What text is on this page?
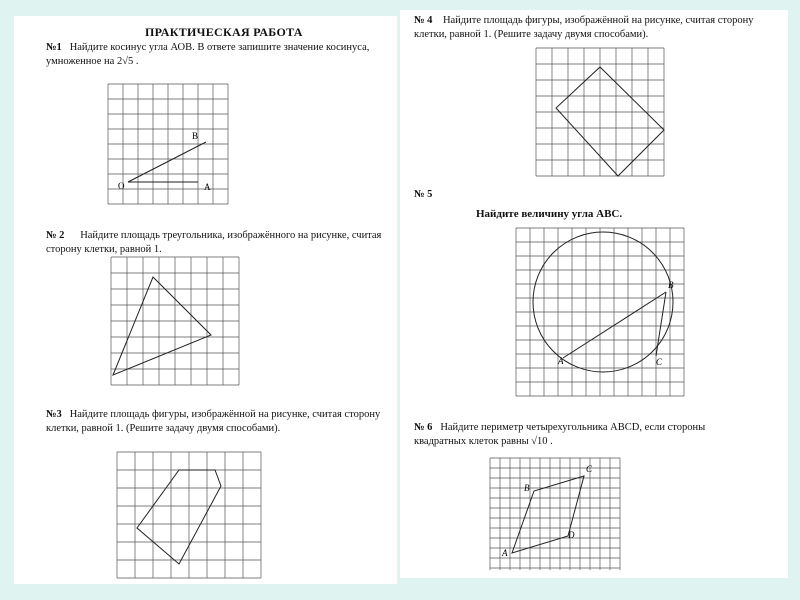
ПРАКТИЧЕСКАЯ РАБОТА
№1 Найдите косинус угла АОВ. В ответе запишите значение косинуса,
умноженное на 2√5 .
O	A
B
№ 2 Найдите площадь треугольника, изображённого на рисунке, считая
сторону клетки, равной 1.
№3 Найдите площадь фигуры, изображённой на рисунке, считая сторону
клетки, равной 1. (Решите задачу двумя способами).
№ 4 Найдите площадь фигуры, изображённой на рисунке, считая сторону
клетки, равной 1. (Решите задачу двумя способами).
№ 5
Найдите величину угла ABC.
A
B
C
№ 6 Найдите периметр четырехугольника ABCD, если стороны
квадратных клеток равны √10 .
A
B
C
D
